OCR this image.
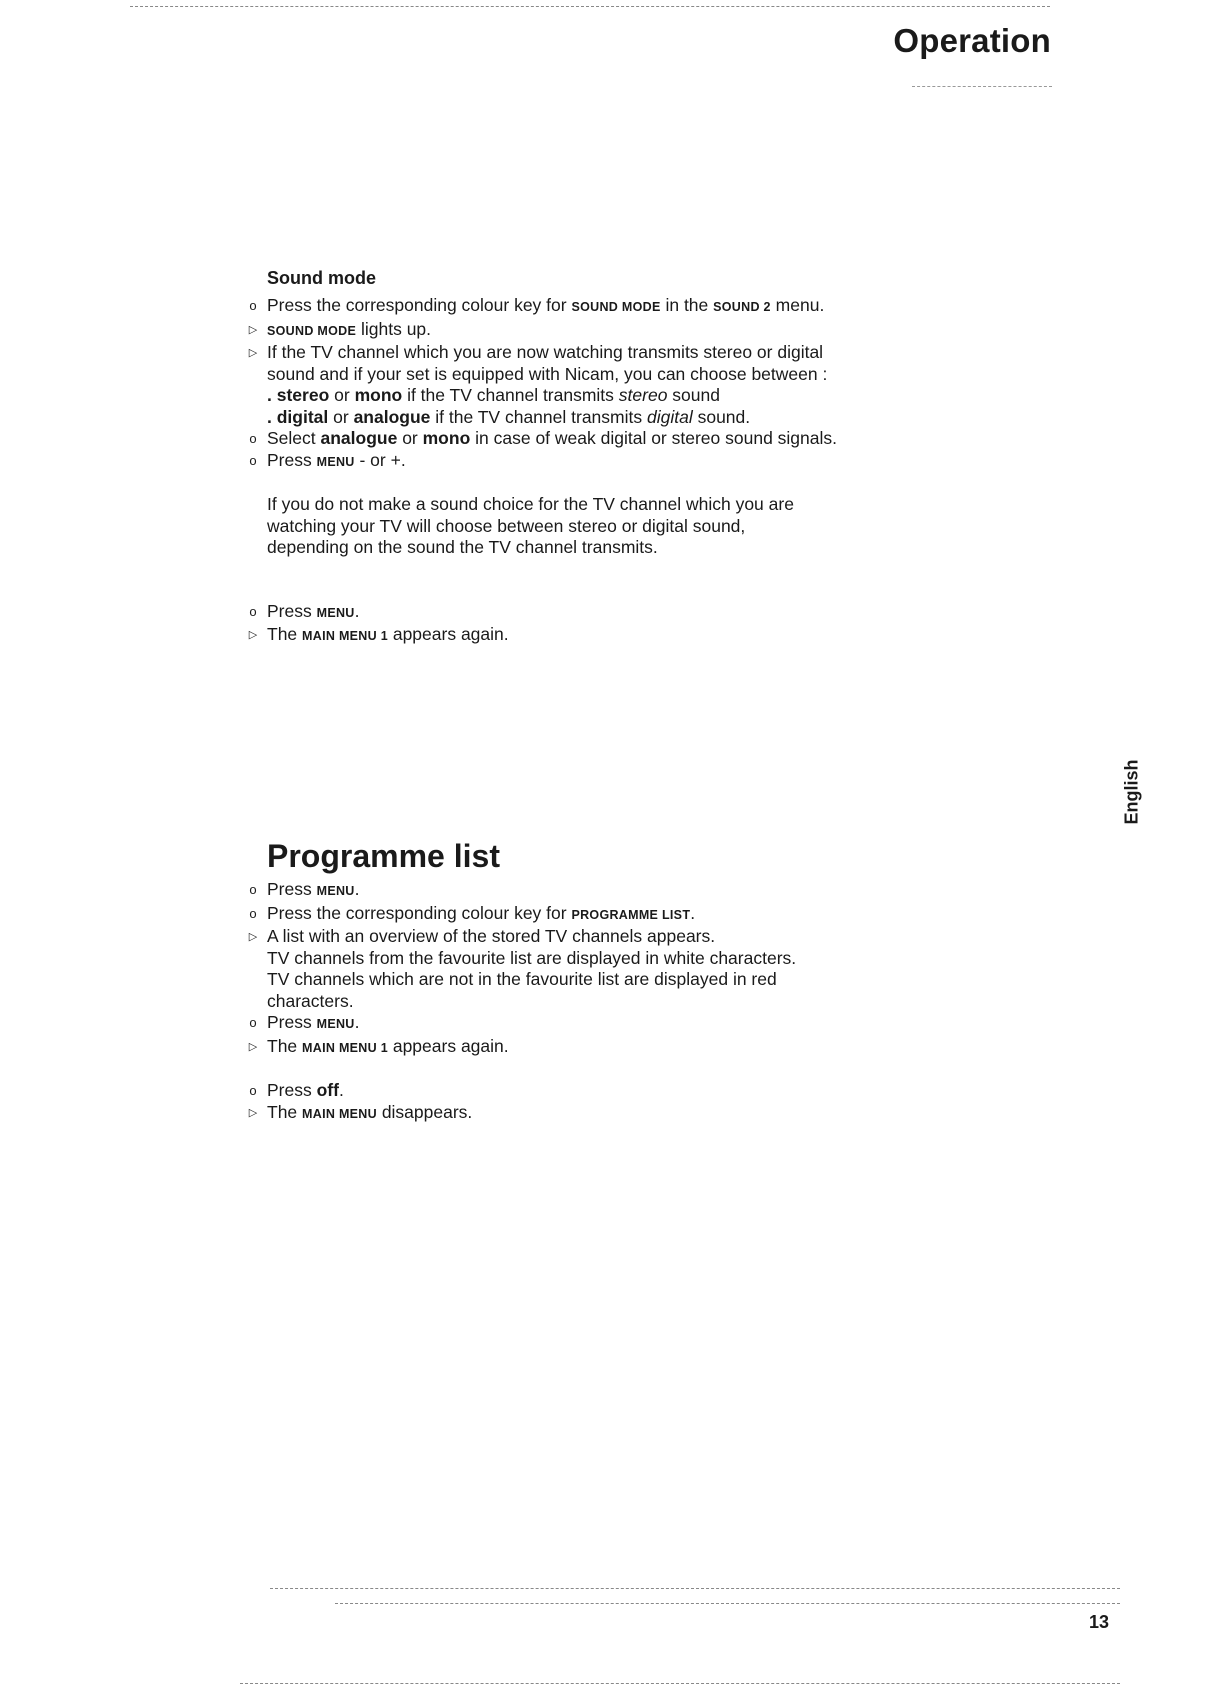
Operation
English
Sound mode

o
Press the corresponding colour key for SOUND MODE in the SOUND 2 menu.

▷
SOUND MODE lights up.

▷
If the TV channel which you are now watching transmits stereo or digital

sound and if your set is equipped with Nicam, you can choose between :

. stereo or mono if the TV channel transmits stereo sound

. digital or analogue if the TV channel transmits digital sound.

o
Select analogue or mono in case of weak digital or stereo sound signals.

o
Press MENU - or +.

If you do not make a sound choice for the TV channel which you are

watching your TV will choose between stereo or digital sound,

depending on the sound the TV channel transmits.

o
Press MENU.

▷
The MAIN MENU 1 appears again.

Programme list

o
Press MENU.

o
Press the corresponding colour key for PROGRAMME LIST.

▷
A list with an overview of the stored TV channels appears.

TV channels from the favourite list are displayed in white characters.

TV channels which are not in the favourite list are displayed in red

characters.

o
Press MENU.

▷
The MAIN MENU 1 appears again.

o
Press off.

▷
The MAIN MENU disappears.

13
